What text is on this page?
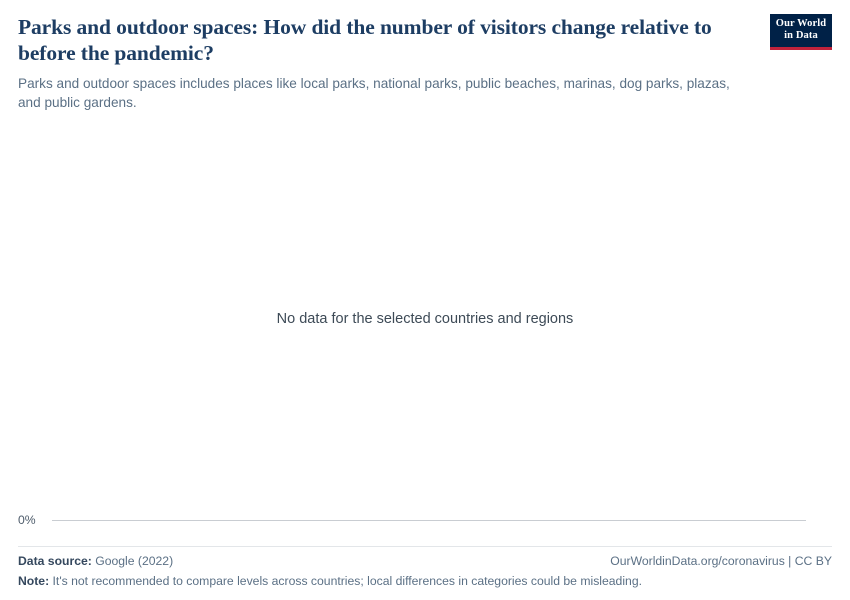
Our World
in Data
Parks and outdoor spaces: How did the number of visitors change relative to before the pandemic?

Parks and outdoor spaces includes places like local parks, national parks, public beaches, marinas, dog parks, plazas, and public gardens.

No data for the selected countries and regions
0%
Data source: Google (2022)	OurWorldinData.org/coronavirus | CC BY
Note: It's not recommended to compare levels across countries; local differences in categories could be misleading.
